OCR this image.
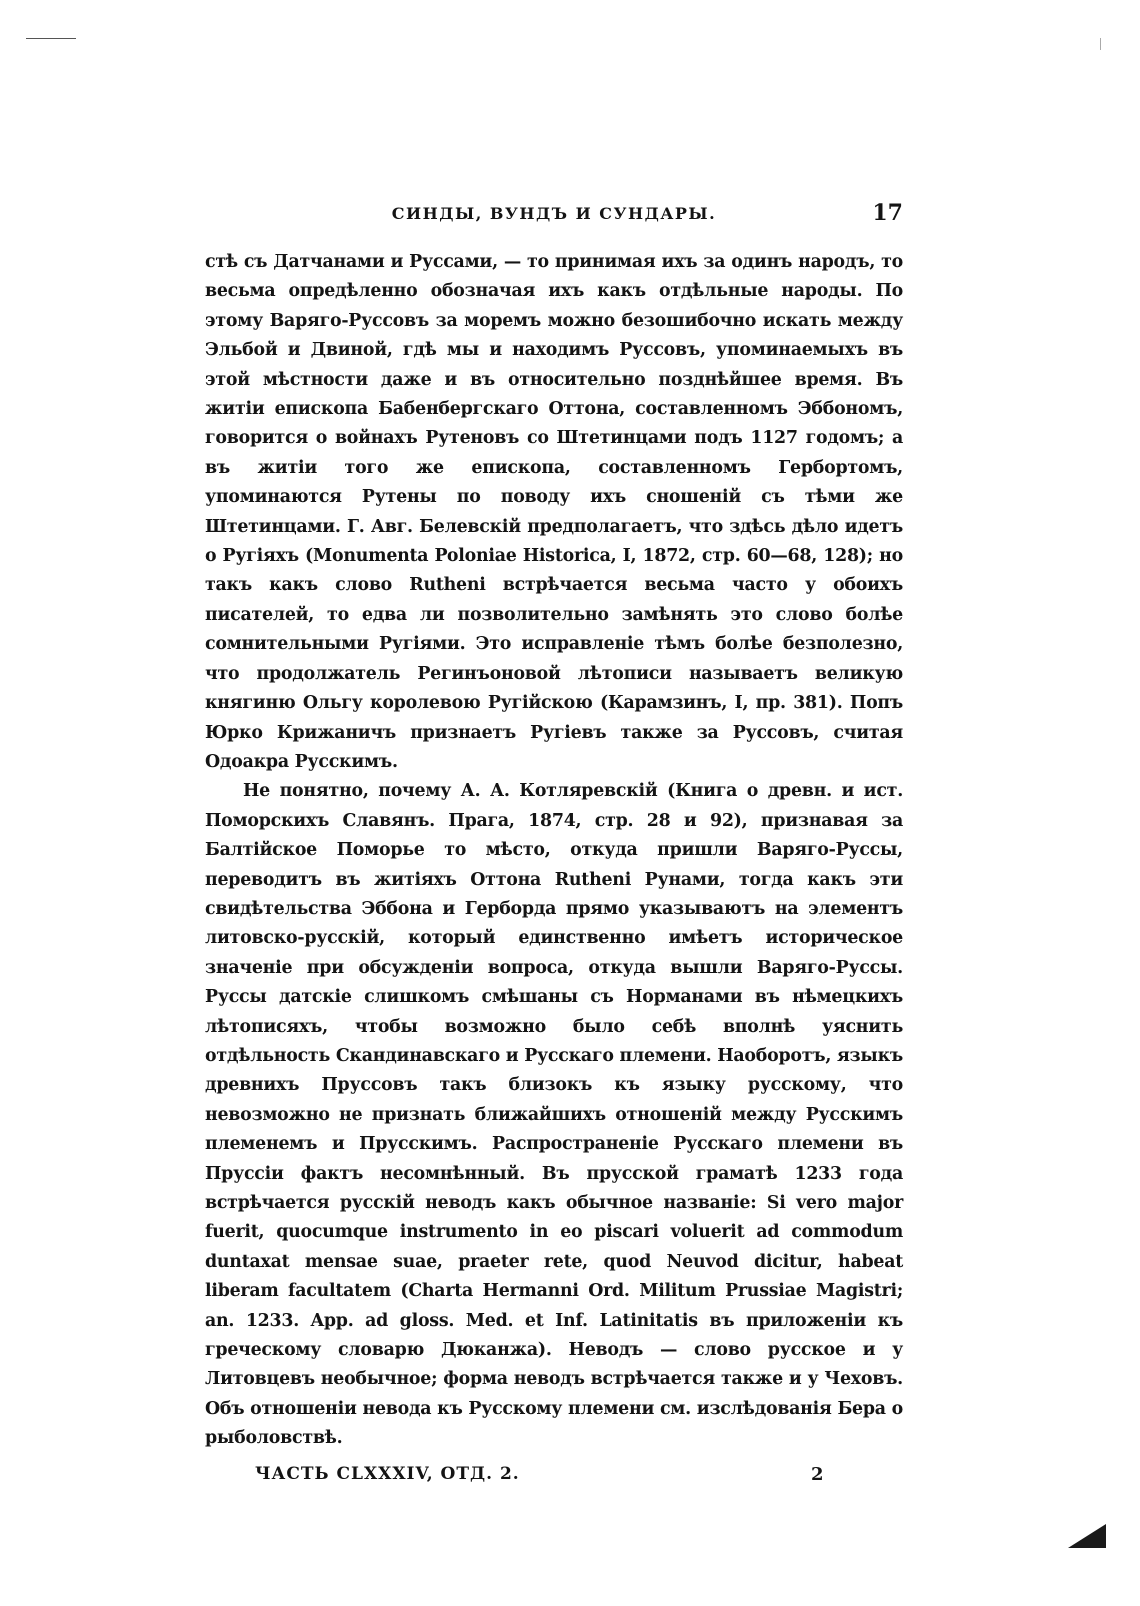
СИНДЫ, ВУНДЪ И СУНДАРЫ.	17

стѣ съ Датчанами и Руссами, — то принимая ихъ за одинъ народъ, то весьма опредѣленно обозначая ихъ какъ отдѣльные народы. По этому Варяго-Руссовъ за моремъ можно безошибочно искать между Эльбой и Двиной, гдѣ мы и находимъ Руссовъ, упоминаемыхъ въ этой мѣстности даже и въ относительно позднѣйшее время. Въ житіи епископа Бабенбергскаго Оттона, составленномъ Эббономъ, говорится о войнахъ Рутеновъ со Штетинцами подъ 1127 годомъ; а въ житіи того же епископа, составленномъ Гербортомъ, упоминаются Рутены по поводу ихъ сношеній съ тѣми же Штетинцами. Г. Авг. Белевскій предполагаетъ, что здѣсь дѣло идетъ о Ругіяхъ (Monumenta Poloniae Historica, I, 1872, стр. 60—68, 128); но такъ какъ слово Rutheni встрѣчается весьма часто у обоихъ писателей, то едва ли позволительно замѣнять это слово болѣе сомнительными Ругіями. Это исправленіе тѣмъ болѣе безполезно, что продолжатель Регинъоновой лѣтописи называетъ великую княгиню Ольгу королевою Ругійскою (Карамзинъ, I, пр. 381). Попъ Юрко Крижаничъ признаетъ Ругіевъ также за Руссовъ, считая Одоакра Русскимъ.

Не понятно, почему А. А. Котляревскій (Книга о древн. и ист. Поморскихъ Славянъ. Прага, 1874, стр. 28 и 92), признавая за Балтійское Поморье то мѣсто, откуда пришли Варяго-Руссы, переводитъ въ житіяхъ Оттона Rutheni Рунами, тогда какъ эти свидѣтельства Эббона и Герборда прямо указываютъ на элементъ литовско-русскій, который единственно имѣетъ историческое значеніе при обсужденіи вопроса, откуда вышли Варяго-Руссы. Руссы датскіе слишкомъ смѣшаны съ Норманами въ нѣмецкихъ лѣтописяхъ, чтобы возможно было себѣ вполнѣ уяснить отдѣльность Скандинавскаго и Русскаго племени. Наоборотъ, языкъ древнихъ Пруссовъ такъ близокъ къ языку русскому, что невозможно не признать ближайшихъ отношеній между Русскимъ племенемъ и Прусскимъ. Распространеніе Русскаго племени въ Пруссіи фактъ несомнѣнный. Въ прусской граматѣ 1233 года встрѣчается русскій неводъ какъ обычное названіе: Si vero major fuerit, quocumque instrumento in eo piscari voluerit ad commodum duntaxat mensae suae, praeter rete, quod Neuvod dicitur, habeat liberam facultatem (Charta Hermanni Ord. Militum Prussiae Magistri; an. 1233. App. ad gloss. Med. et Inf. Latinitatis въ приложеніи къ греческому словарю Дюканжа). Неводъ — слово русское и у Литовцевъ необычное; форма неводъ встрѣчается также и у Чеховъ. Объ отношеніи невода къ Русскому племени см. изслѣдованія Бера о рыболовствѣ.

ЧАСТЬ CLXXXIV, ОТД. 2.	2
